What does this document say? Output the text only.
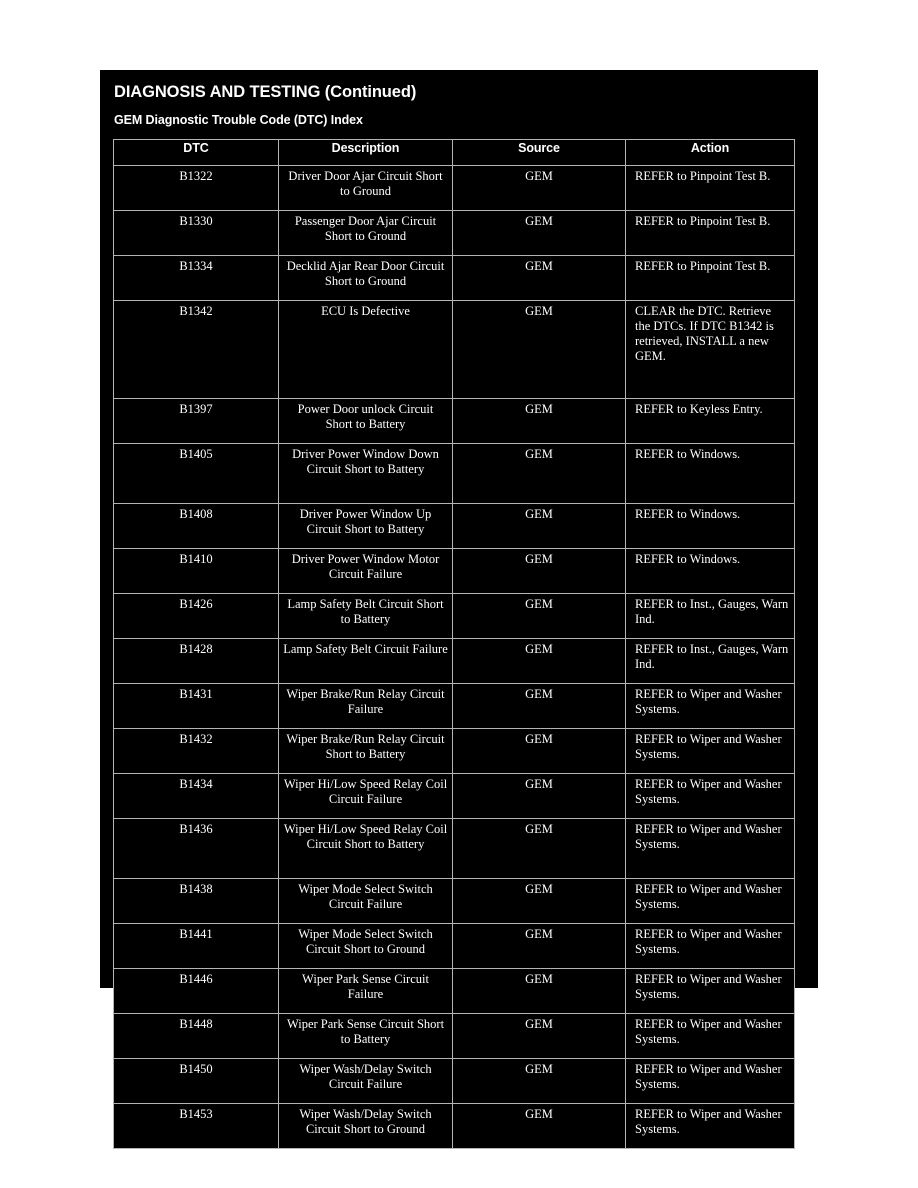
DIAGNOSIS AND TESTING (Continued)
GEM Diagnostic Trouble Code (DTC) Index
DTC	Description	Source	Action
B1322	Driver Door Ajar Circuit Short to Ground	GEM	REFER to Pinpoint Test B.
B1330	Passenger Door Ajar Circuit Short to Ground	GEM	REFER to Pinpoint Test B.
B1334	Decklid Ajar Rear Door Circuit Short to Ground	GEM	REFER to Pinpoint Test B.
B1342	ECU Is Defective	GEM	CLEAR the DTC. Retrieve the DTCs. If DTC B1342 is retrieved, INSTALL a new GEM.
B1397	Power Door unlock Circuit Short to Battery	GEM	REFER to Keyless Entry.
B1405	Driver Power Window Down Circuit Short to Battery	GEM	REFER to Windows.
B1408	Driver Power Window Up Circuit Short to Battery	GEM	REFER to Windows.
B1410	Driver Power Window Motor Circuit Failure	GEM	REFER to Windows.
B1426	Lamp Safety Belt Circuit Short to Battery	GEM	REFER to Inst., Gauges, Warn Ind.
B1428	Lamp Safety Belt Circuit Failure	GEM	REFER to Inst., Gauges, Warn Ind.
B1431	Wiper Brake/Run Relay Circuit Failure	GEM	REFER to Wiper and Washer Systems.
B1432	Wiper Brake/Run Relay Circuit Short to Battery	GEM	REFER to Wiper and Washer Systems.
B1434	Wiper Hi/Low Speed Relay Coil Circuit Failure	GEM	REFER to Wiper and Washer Systems.
B1436	Wiper Hi/Low Speed Relay Coil Circuit Short to Battery	GEM	REFER to Wiper and Washer Systems.
B1438	Wiper Mode Select Switch Circuit Failure	GEM	REFER to Wiper and Washer Systems.
B1441	Wiper Mode Select Switch Circuit Short to Ground	GEM	REFER to Wiper and Washer Systems.
B1446	Wiper Park Sense Circuit Failure	GEM	REFER to Wiper and Washer Systems.
B1448	Wiper Park Sense Circuit Short to Battery	GEM	REFER to Wiper and Washer Systems.
B1450	Wiper Wash/Delay Switch Circuit Failure	GEM	REFER to Wiper and Washer Systems.
B1453	Wiper Wash/Delay Switch Circuit Short to Ground	GEM	REFER to Wiper and Washer Systems.
